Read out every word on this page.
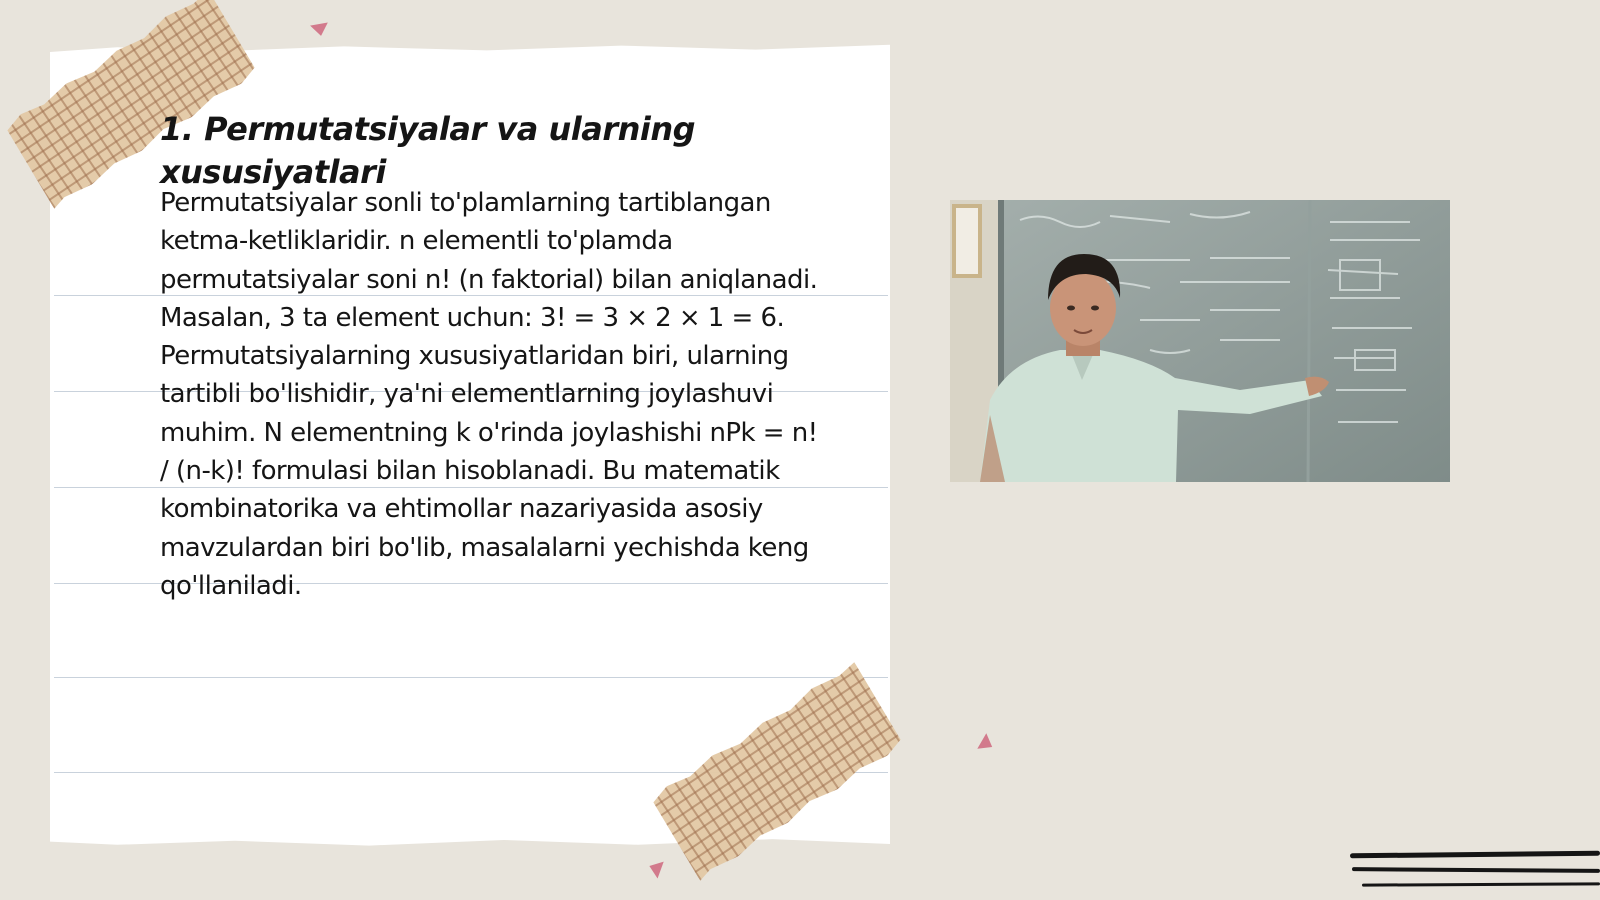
1. Permutatsiyalar va ularning xususiyatlari

Permutatsiyalar sonli to'plamlarning tartiblangan ketma-ketliklaridir. n elementli to'plamda permutatsiyalar soni n! (n faktorial) bilan aniqlanadi. Masalan, 3 ta element uchun: 3! = 3 × 2 × 1 = 6. Permutatsiyalarning xususiyatlaridan biri, ularning tartibli bo'lishidir, ya'ni elementlarning joylashuvi muhim. N elementning k o'rinda joylashishi nPk = n! / (n-k)! formulasi bilan hisoblanadi. Bu matematik kombinatorika va ehtimollar nazariyasida asosiy mavzulardan biri bo'lib, masalalarni yechishda keng qo'llaniladi.
